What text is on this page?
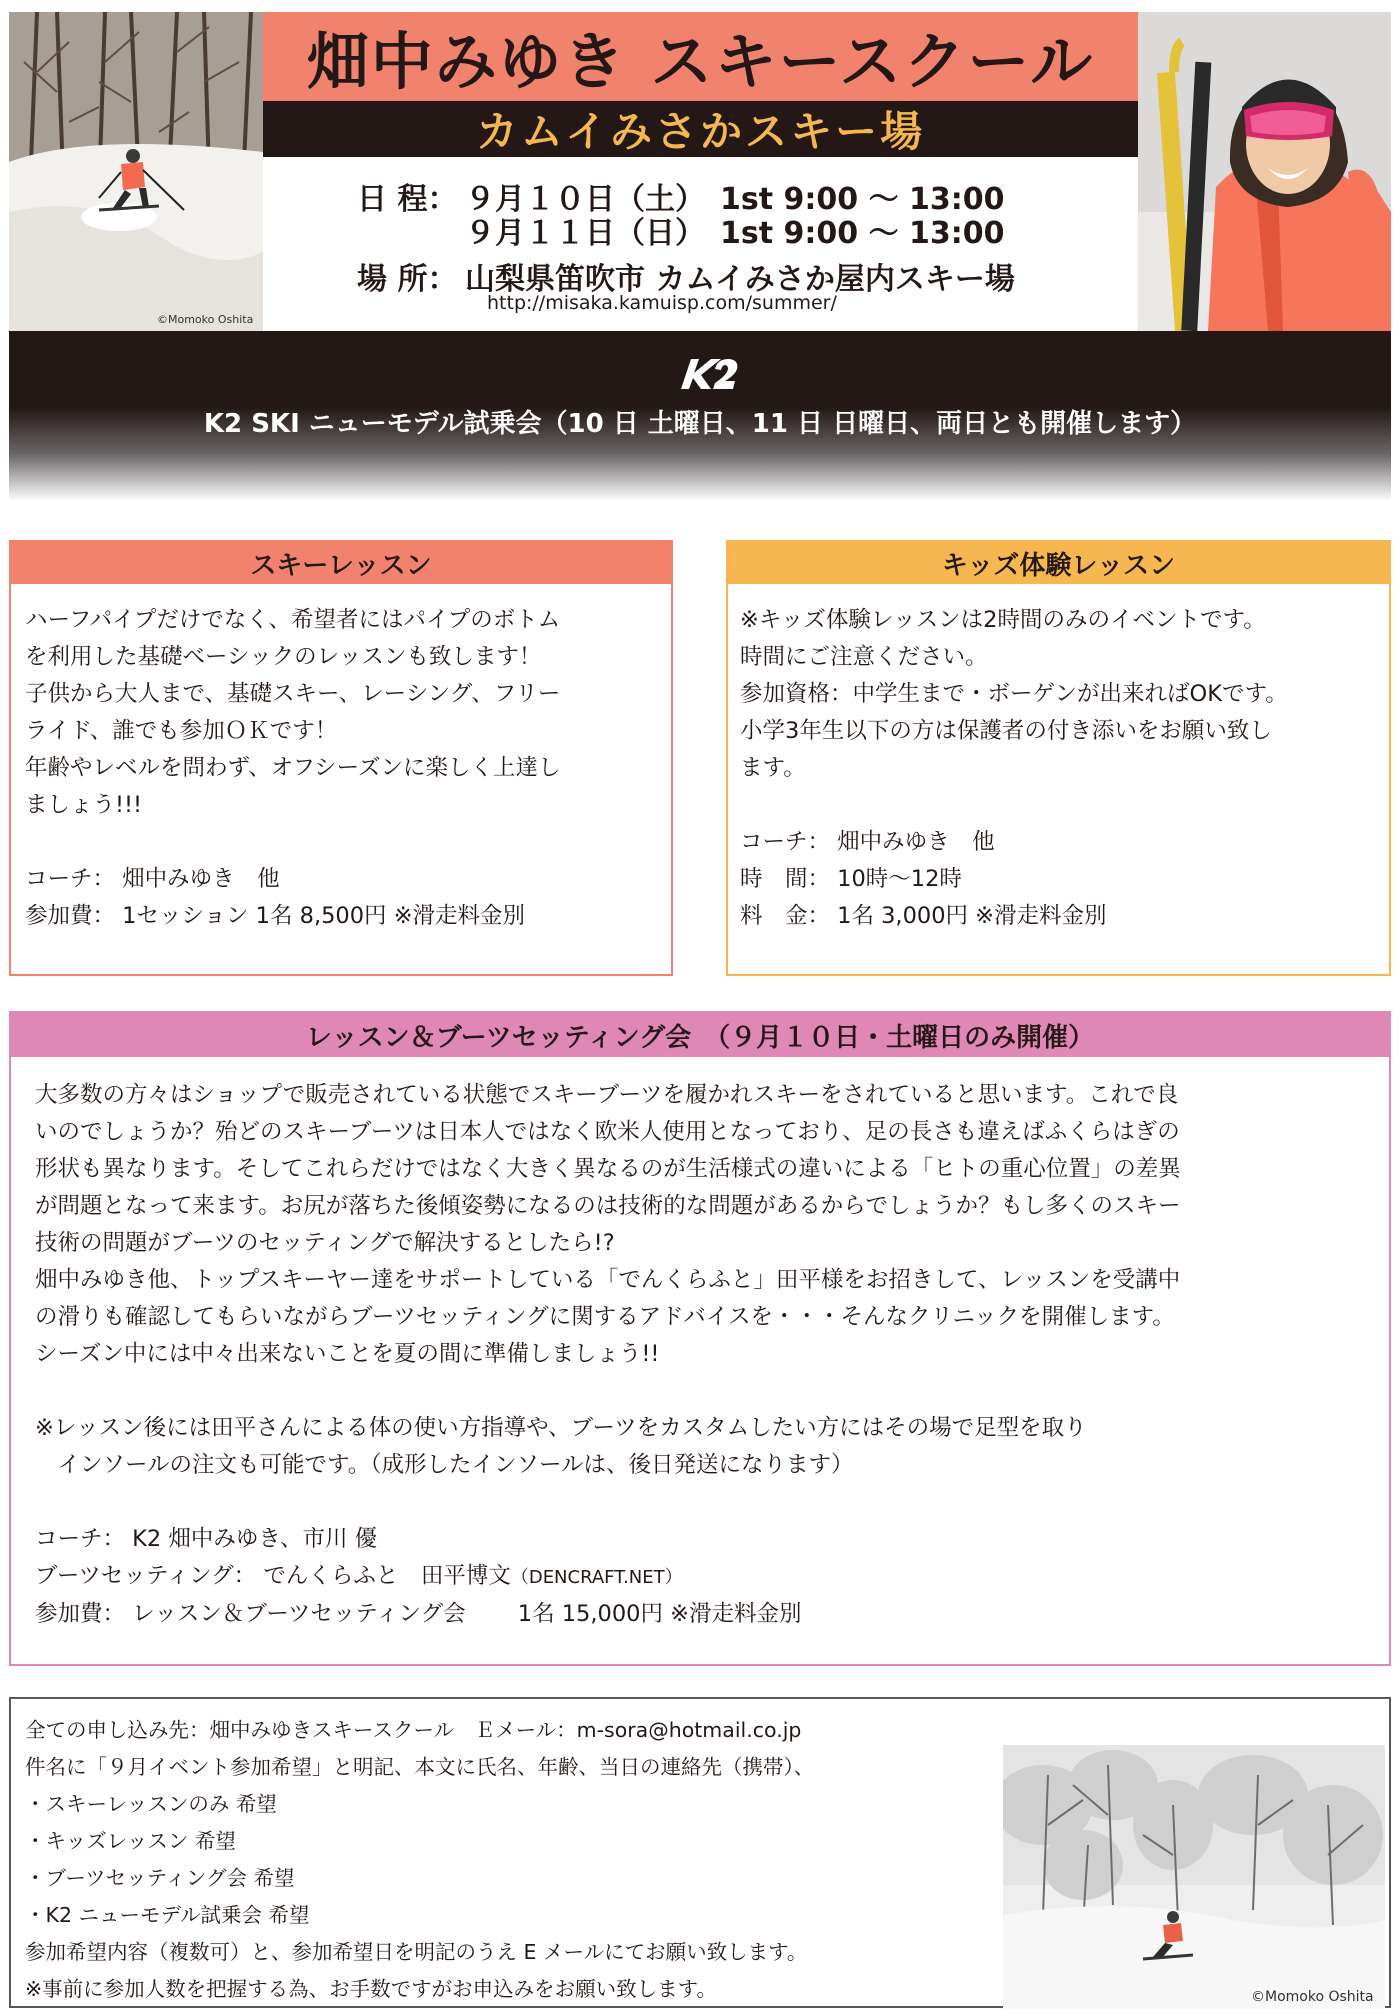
©Momoko Oshita
畑中みゆき スキースクール
カムイみさかスキー場
日 程： ９月１０日（土）　1st 9:00 ～ 13:00
９月１１日（日）　1st 9:00 ～ 13:00
場 所： 山梨県笛吹市 カムイみさか屋内スキー場
http://misaka.kamuisp.com/summer/
K2 SKI ニューモデル試乗会（10 日 土曜日、11 日 日曜日、両日とも開催します）
スキーレッスン
ハーフパイプだけでなく、希望者にはパイプのボトム
を利用した基礎ベーシックのレッスンも致します！
子供から大人まで、基礎スキー、レーシング、フリー
ライド、誰でも参加ＯＫです！
年齢やレベルを問わず、オフシーズンに楽しく上達し
ましょう!!!
コーチ： 畑中みゆき　他
参加費： 1セッション 1名 8,500円 ※滑走料金別
キッズ体験レッスン
※キッズ体験レッスンは2時間のみのイベントです。
時間にご注意ください。
参加資格：中学生まで・ボーゲンが出来ればOKです。
小学3年生以下の方は保護者の付き添いをお願い致し
ます。
コーチ： 畑中みゆき　他
時　間： 10時～12時
料　金： 1名 3,000円 ※滑走料金別
レッスン＆ブーツセッティング会　（９月１０日・土曜日のみ開催）
大多数の方々はショップで販売されている状態でスキーブーツを履かれスキーをされていると思います。これで良
いのでしょうか？殆どのスキーブーツは日本人ではなく欧米人使用となっており、足の長さも違えばふくらはぎの
形状も異なります。そしてこれらだけではなく大きく異なるのが生活様式の違いによる「ヒトの重心位置」の差異
が問題となって来ます。お尻が落ちた後傾姿勢になるのは技術的な問題があるからでしょうか？もし多くのスキー
技術の問題がブーツのセッティングで解決するとしたら!?
畑中みゆき他、トップスキーヤー達をサポートしている「でんくらふと」田平様をお招きして、レッスンを受講中
の滑りも確認してもらいながらブーツセッティングに関するアドバイスを・・・そんなクリニックを開催します。
シーズン中には中々出来ないことを夏の間に準備しましょう!!
※レッスン後には田平さんによる体の使い方指導や、ブーツをカスタムしたい方にはその場で足型を取り
　インソールの注文も可能です。（成形したインソールは、後日発送になります）
コーチ： K2 畑中みゆき、市川 優
ブーツセッティング： でんくらふと　田平博文（DENCRAFT.NET）
参加費： レッスン＆ブーツセッティング会　　 1名 15,000円 ※滑走料金別
全ての申し込み先：畑中みゆきスキースクール　Ｅメール：m-sora@hotmail.co.jp
件名に「９月イベント参加希望」と明記、本文に氏名、年齢、当日の連絡先（携帯）、
・スキーレッスンのみ 希望
・キッズレッスン 希望
・ブーツセッティング会 希望
・K2 ニューモデル試乗会 希望
参加希望内容（複数可）と、参加希望日を明記のうえ E メールにてお願い致します。
※事前に参加人数を把握する為、お手数ですがお申込みをお願い致します。	©Momoko Oshita
